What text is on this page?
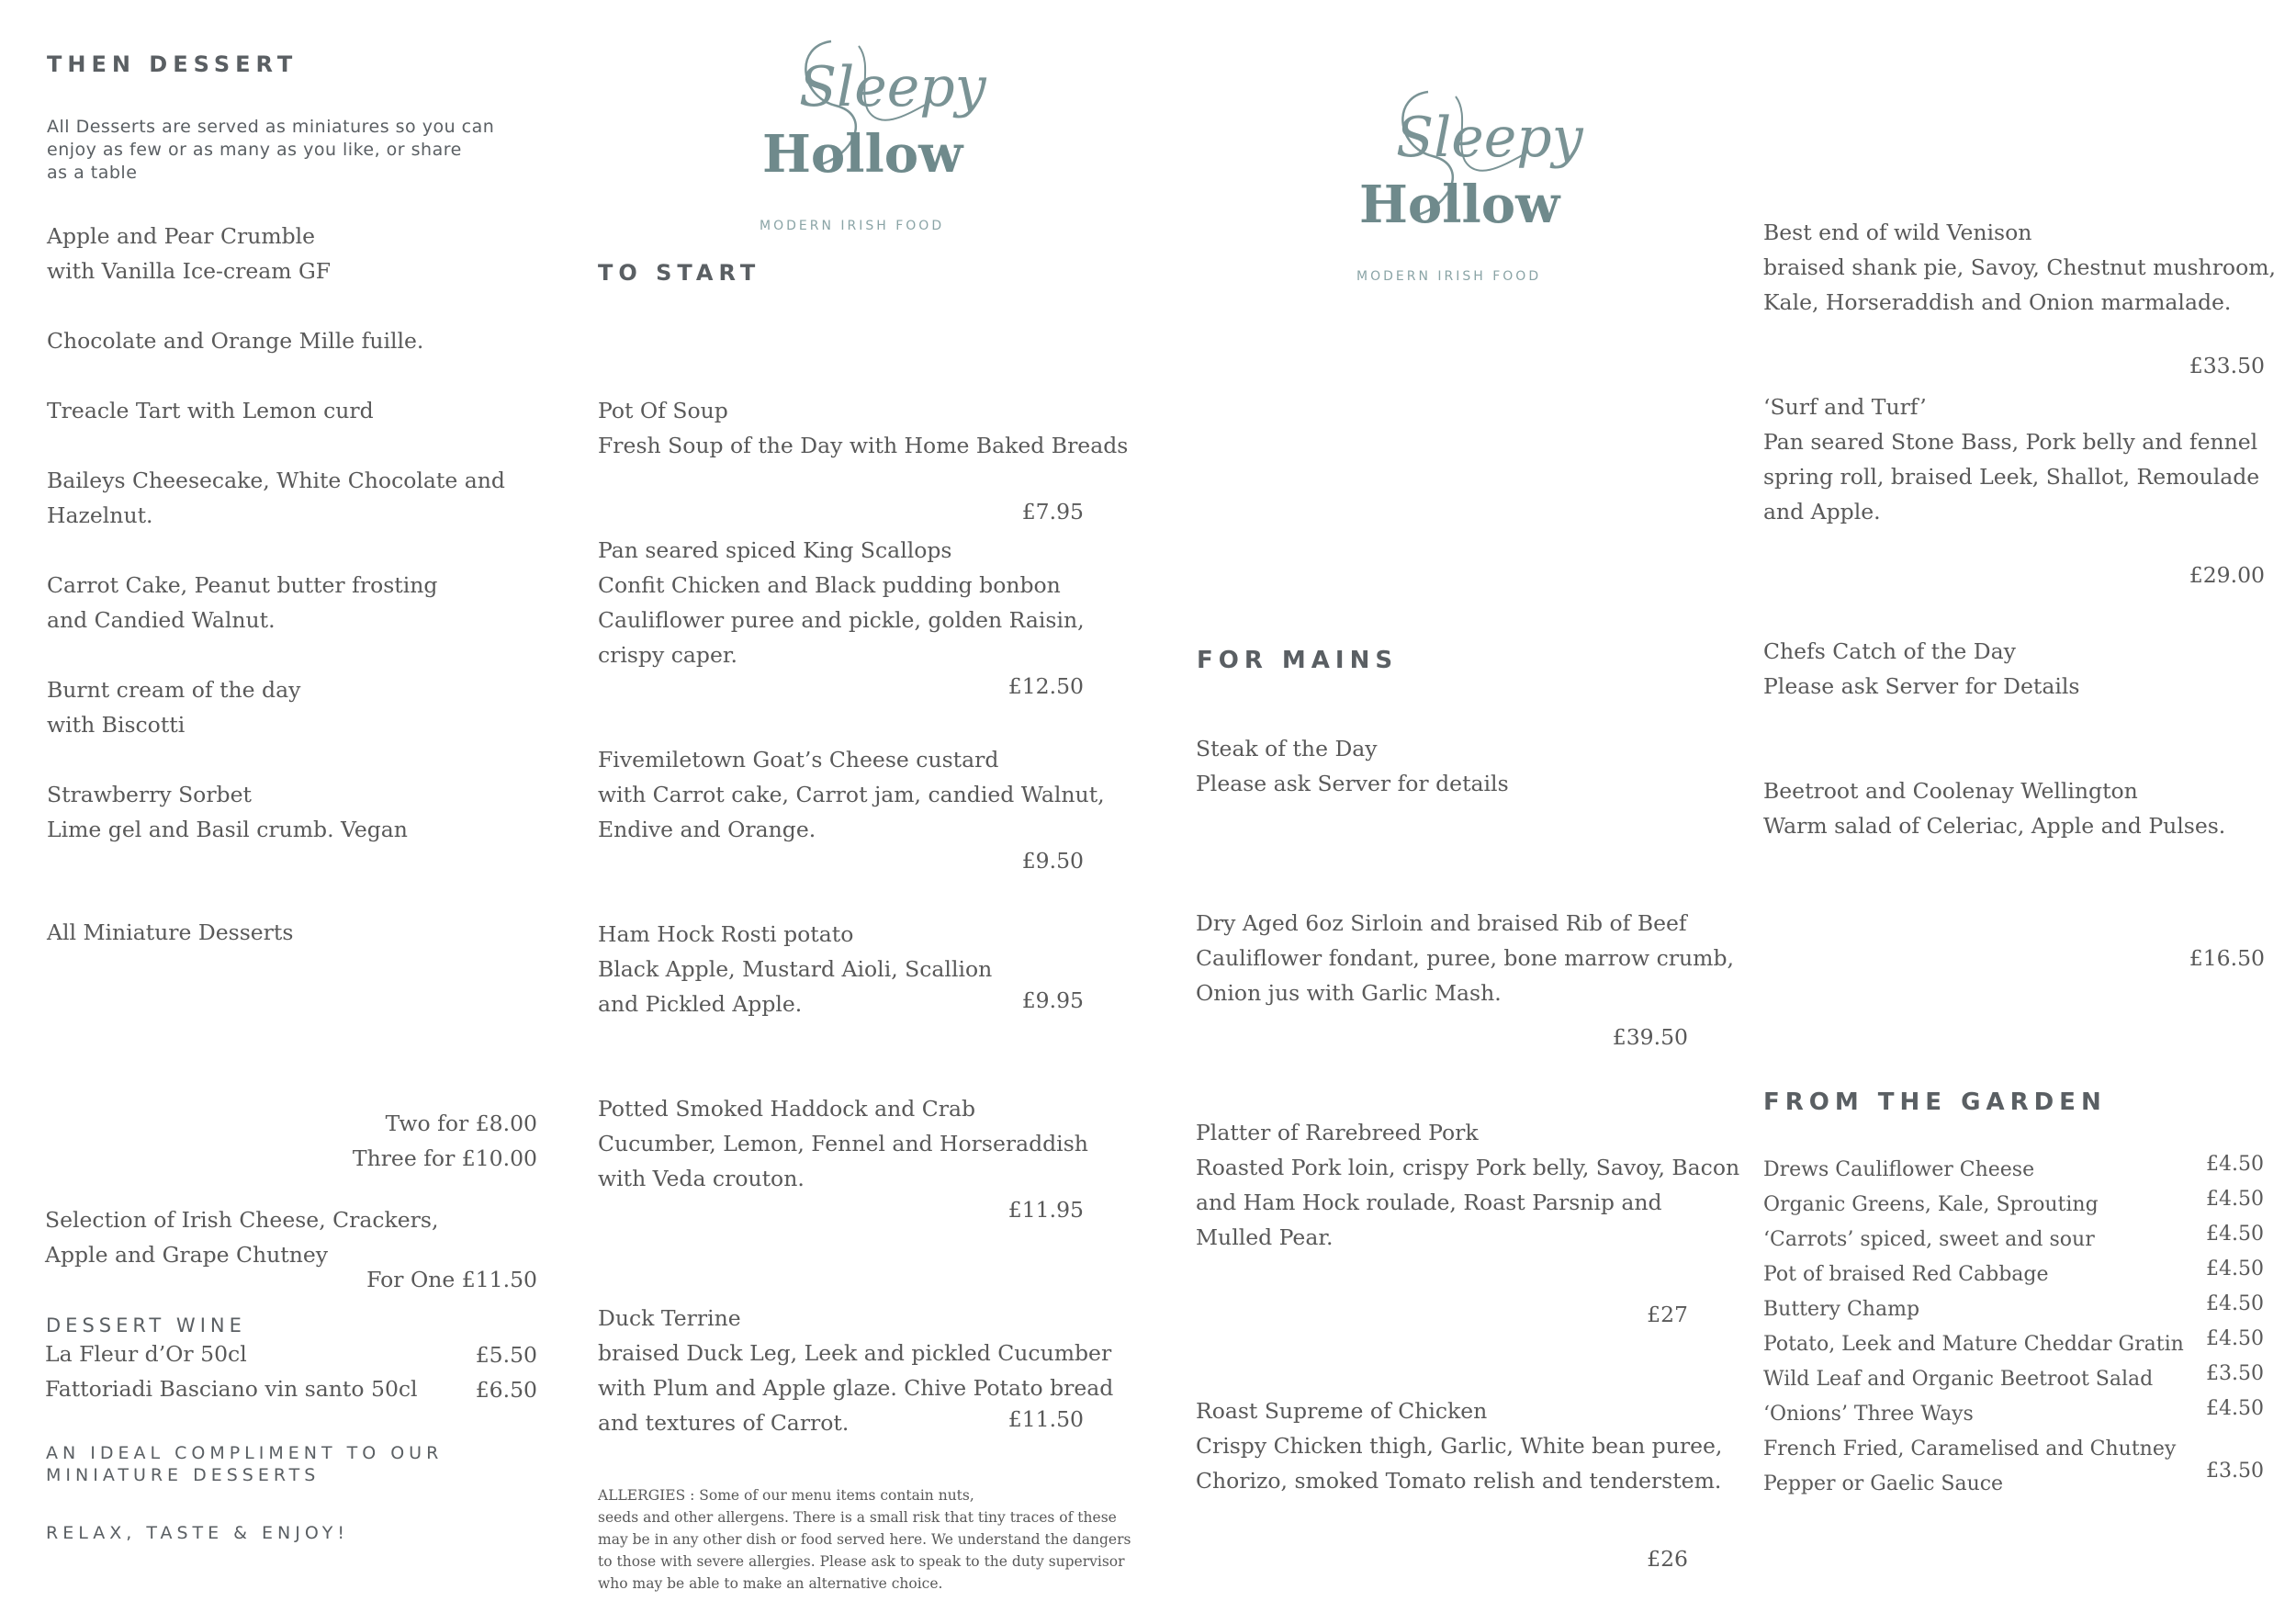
THEN DESSERT
All Desserts are served as miniatures so you can
enjoy as few or as many as you like, or share
as a table
Apple and Pear Crumble
with Vanilla Ice-cream GF
Chocolate and Orange Mille fuille.
Treacle Tart with Lemon curd
Baileys Cheesecake, White Chocolate and
Hazelnut.
Carrot Cake, Peanut butter frosting
and Candied Walnut.
Burnt cream of the day
with Biscotti
Strawberry Sorbet
Lime gel and Basil crumb. Vegan
All Miniature Desserts
Two for £8.00
Three for £10.00
Selection of Irish Cheese, Crackers,
Apple and Grape Chutney
For One £11.50
DESSERT WINE
La Fleur d’Or 50cl	£5.50
Fattoriadi Basciano vin santo 50cl	£6.50
AN IDEAL COMPLIMENT TO OUR
MINIATURE DESSERTS
RELAX, TASTE & ENJOY!
Sleepy
Hollow
MODERN IRISH FOOD
TO START
Pot Of Soup
Fresh Soup of the Day with Home Baked Breads
£7.95
Pan seared spiced King Scallops
Confit Chicken and Black pudding bonbon
Cauliflower puree and pickle, golden Raisin,
crispy caper.
£12.50
Fivemiletown Goat’s Cheese custard
with Carrot cake, Carrot jam, candied Walnut,
Endive and Orange.
£9.50
Ham Hock Rosti potato
Black Apple, Mustard Aioli, Scallion
and Pickled Apple.	£9.95
Potted Smoked Haddock and Crab
Cucumber, Lemon, Fennel and Horseraddish
with Veda crouton.
£11.95
Duck Terrine
braised Duck Leg, Leek and pickled Cucumber
with Plum and Apple glaze. Chive Potato bread
and textures of Carrot.	£11.50
ALLERGIES : Some of our menu items contain nuts,
seeds and other allergens. There is a small risk that tiny traces of these
may be in any other dish or food served here. We understand the dangers
to those with severe allergies. Please ask to speak to the duty supervisor
who may be able to make an alternative choice.
Sleepy
Hollow
MODERN IRISH FOOD
FOR MAINS
Steak of the Day
Please ask Server for details
Dry Aged 6oz Sirloin and braised Rib of Beef
Cauliflower fondant, puree, bone marrow crumb,
Onion jus with Garlic Mash.
£39.50
Platter of Rarebreed Pork
Roasted Pork loin, crispy Pork belly, Savoy, Bacon
and Ham Hock roulade, Roast Parsnip and
Mulled Pear.
£27
Roast Supreme of Chicken
Crispy Chicken thigh, Garlic, White bean puree,
Chorizo, smoked Tomato relish and tenderstem.
£26
Best end of wild Venison
braised shank pie, Savoy, Chestnut mushroom,
Kale, Horseraddish and Onion marmalade.
£33.50
‘Surf and Turf’
Pan seared Stone Bass, Pork belly and fennel
spring roll, braised Leek, Shallot, Remoulade
and Apple.
£29.00
Chefs Catch of the Day
Please ask Server for Details
Beetroot and Coolenay Wellington
Warm salad of Celeriac, Apple and Pulses.
£16.50
FROM THE GARDEN
Drews Cauliflower Cheese	£4.50
Organic Greens, Kale, Sprouting	£4.50
‘Carrots’ spiced, sweet and sour	£4.50
Pot of braised Red Cabbage	£4.50
Buttery Champ	£4.50
Potato, Leek and Mature Cheddar Gratin £4.50
Wild Leaf and Organic Beetroot Salad	£3.50
‘Onions’ Three Ways	£4.50
French Fried, Caramelised and Chutney
Pepper or Gaelic Sauce
£3.50
